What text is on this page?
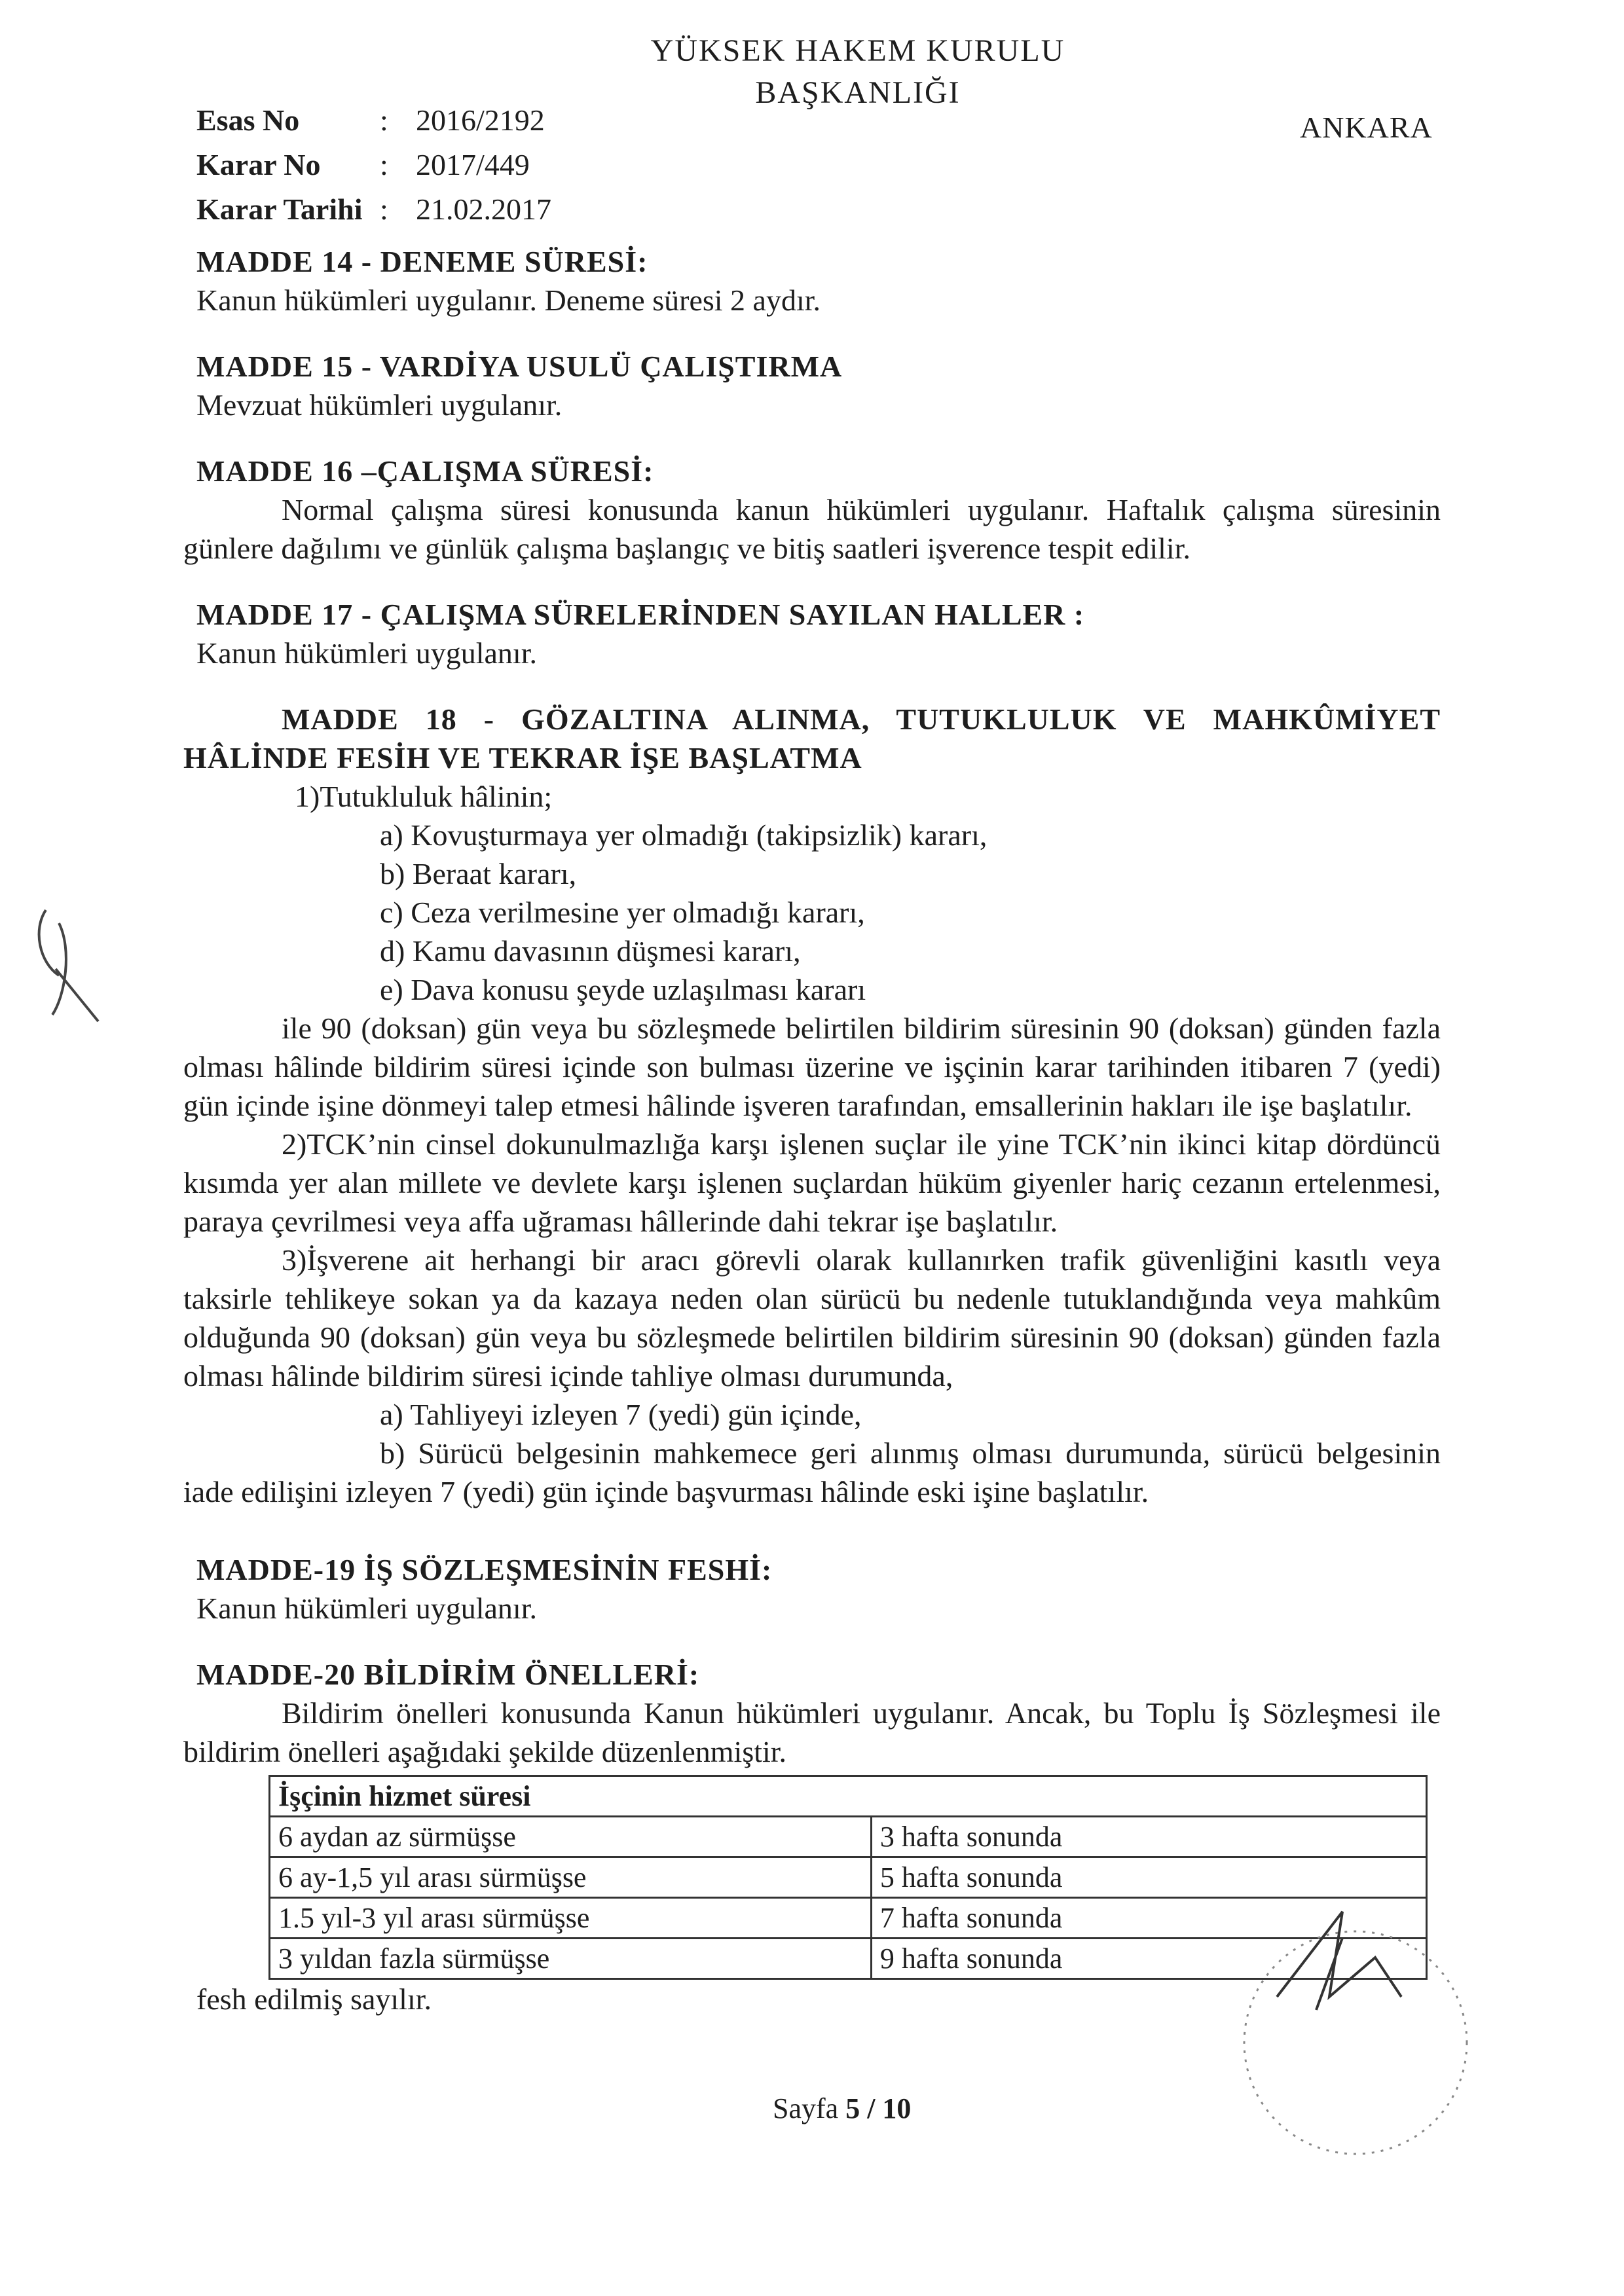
YÜKSEK HAKEM KURULU
BAŞKANLIĞI
Esas No	: 2016/2192
Karar No	: 2017/449
Karar Tarihi : 21.02.2017
ANKARA
MADDE 14 - DENEME SÜRESİ:
Kanun hükümleri uygulanır. Deneme süresi 2 aydır.
MADDE 15 - VARDİYA USULÜ ÇALIŞTIRMA
Mevzuat hükümleri uygulanır.
MADDE 16 –ÇALIŞMA SÜRESİ:
Normal çalışma süresi konusunda kanun hükümleri uygulanır. Haftalık çalışma süresinin günlere dağılımı ve günlük çalışma başlangıç ve bitiş saatleri işverence tespit edilir.
MADDE 17 - ÇALIŞMA SÜRELERİNDEN SAYILAN HALLER :
Kanun hükümleri uygulanır.
MADDE 18 - GÖZALTINA ALINMA, TUTUKLULUK VE MAHKÛMİYET HÂLİNDE FESİH VE TEKRAR İŞE BAŞLATMA
1)Tutukluluk hâlinin;
a) Kovuşturmaya yer olmadığı (takipsizlik) kararı,
b) Beraat kararı,
c) Ceza verilmesine yer olmadığı kararı,
d) Kamu davasının düşmesi kararı,
e) Dava konusu şeyde uzlaşılması kararı
ile 90 (doksan) gün veya bu sözleşmede belirtilen bildirim süresinin 90 (doksan) günden fazla olması hâlinde bildirim süresi içinde son bulması üzerine ve işçinin karar tarihinden itibaren 7 (yedi) gün içinde işine dönmeyi talep etmesi hâlinde işveren tarafından, emsallerinin hakları ile işe başlatılır.
2)TCK’nin cinsel dokunulmazlığa karşı işlenen suçlar ile yine TCK’nin ikinci kitap dördüncü kısımda yer alan millete ve devlete karşı işlenen suçlardan hüküm giyenler hariç cezanın ertelenmesi, paraya çevrilmesi veya affa uğraması hâllerinde dahi tekrar işe başlatılır.
3)İşverene ait herhangi bir aracı görevli olarak kullanırken trafik güvenliğini kasıtlı veya taksirle tehlikeye sokan ya da kazaya neden olan sürücü bu nedenle tutuklandığında veya mahkûm olduğunda 90 (doksan) gün veya bu sözleşmede belirtilen bildirim süresinin 90 (doksan) günden fazla olması hâlinde bildirim süresi içinde tahliye olması durumunda,
a) Tahliyeyi izleyen 7 (yedi) gün içinde,
b) Sürücü belgesinin mahkemece geri alınmış olması durumunda, sürücü belgesinin iade edilişini izleyen 7 (yedi) gün içinde başvurması hâlinde eski işine başlatılır.
MADDE-19 İŞ SÖZLEŞMESİNİN FESHİ:
Kanun hükümleri uygulanır.
MADDE-20 BİLDİRİM ÖNELLERİ:
Bildirim önelleri konusunda Kanun hükümleri uygulanır. Ancak, bu Toplu İş Sözleşmesi ile bildirim önelleri aşağıdaki şekilde düzenlenmiştir.
İşçinin hizmet süresi	
6 aydan az sürmüşse	3 hafta sonunda
6 ay-1,5 yıl arası sürmüşse	5 hafta sonunda
1.5 yıl-3 yıl arası sürmüşse	7 hafta sonunda
3 yıldan fazla sürmüşse	9 hafta sonunda
fesh edilmiş sayılır.
Sayfa 5 / 10
